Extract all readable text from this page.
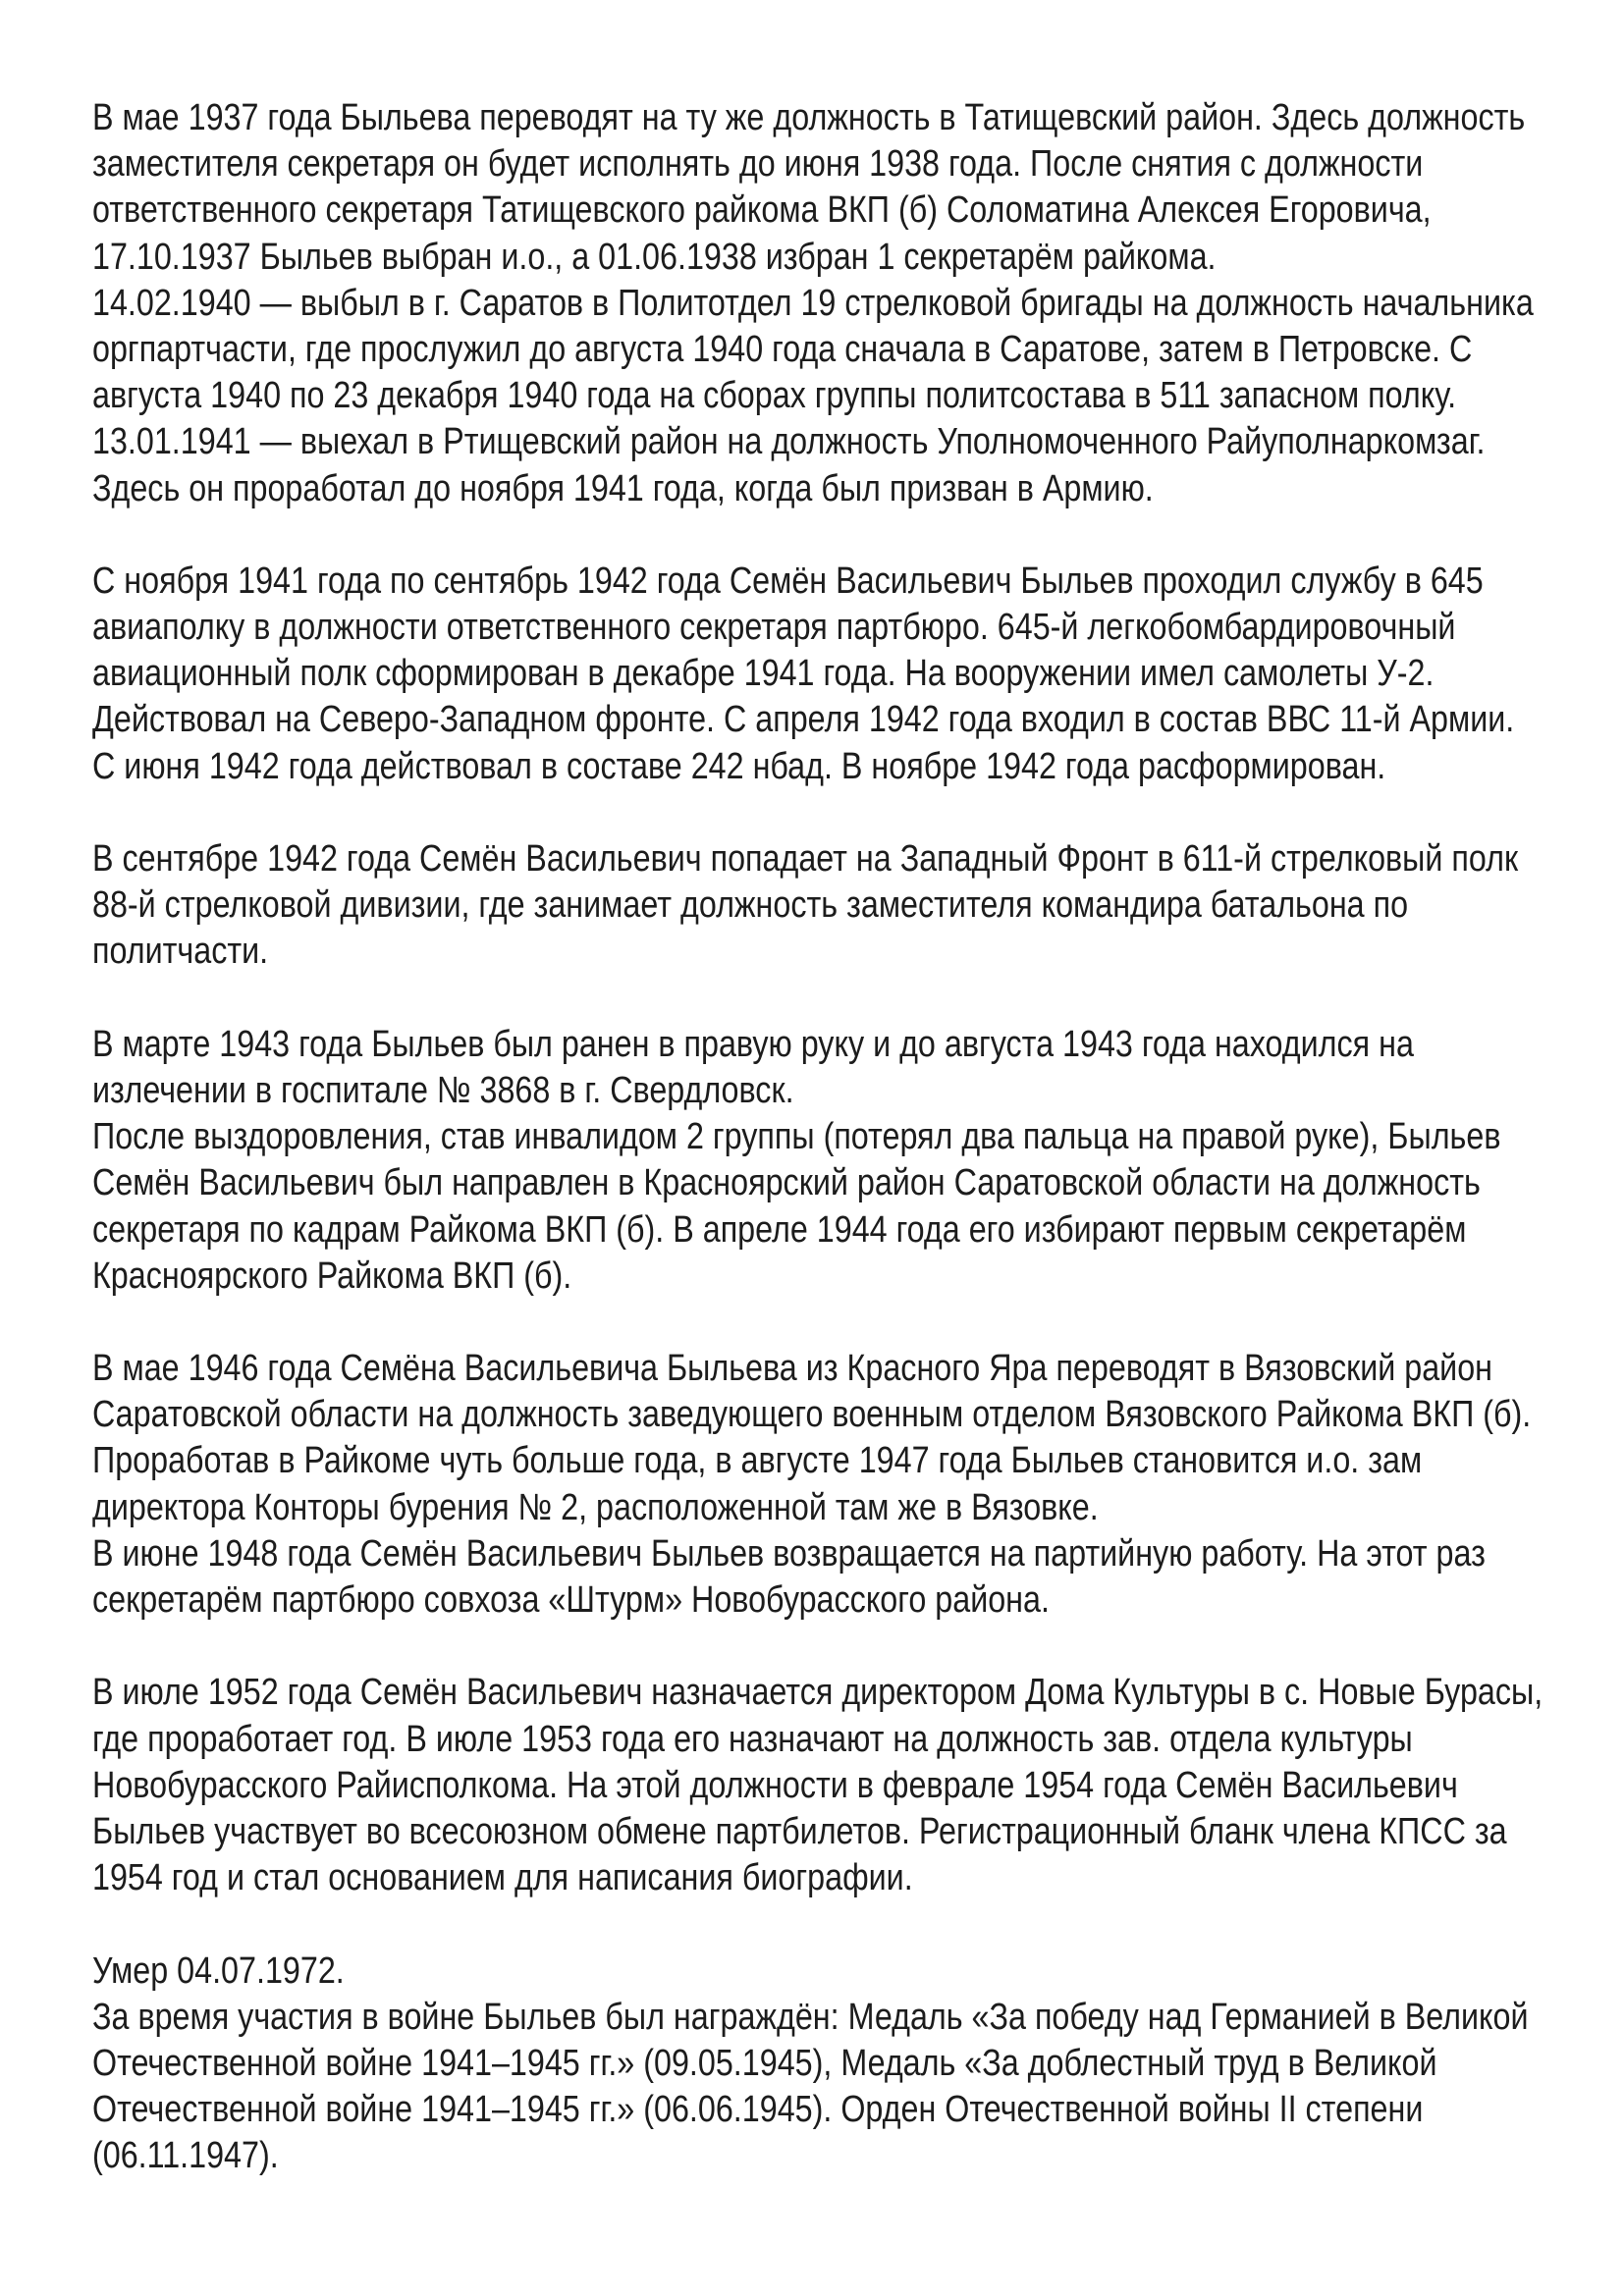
В мае 1937 года Быльева переводят на ту же должность в Татищевский район. Здесь должность
заместителя секретаря он будет исполнять до июня 1938 года. После снятия с должности
ответственного секретаря Татищевского райкома ВКП (б) Соломатина Алексея Егоровича,
17.10.1937 Быльев выбран и.о., а 01.06.1938 избран 1 секретарём райкома.
14.02.1940 — выбыл в г. Саратов в Политотдел 19 стрелковой бригады на должность начальника
оргпартчасти, где прослужил до августа 1940 года сначала в Саратове, затем в Петровске. С
августа 1940 по 23 декабря 1940 года на сборах группы политсостава в 511 запасном полку.
13.01.1941 — выехал в Ртищевский район на должность Уполномоченного Райуполнаркомзаг.
Здесь он проработал до ноября 1941 года, когда был призван в Армию.
С ноября 1941 года по сентябрь 1942 года Семён Васильевич Быльев проходил службу в 645
авиаполку в должности ответственного секретаря партбюро. 645-й легкобомбардировочный
авиационный полк сформирован в декабре 1941 года. На вооружении имел самолеты У-2.
Действовал на Северо-Западном фронте. С апреля 1942 года входил в состав ВВС 11-й Армии.
С июня 1942 года действовал в составе 242 нбад. В ноябре 1942 года расформирован.
В сентябре 1942 года Семён Васильевич попадает на Западный Фронт в 611-й стрелковый полк
88-й стрелковой дивизии, где занимает должность заместителя командира батальона по
политчасти.
В марте 1943 года Быльев был ранен в правую руку и до августа 1943 года находился на
излечении в госпитале № 3868 в г. Свердловск.
После выздоровления, став инвалидом 2 группы (потерял два пальца на правой руке), Быльев
Семён Васильевич был направлен в Красноярский район Саратовской области на должность
секретаря по кадрам Райкома ВКП (б). В апреле 1944 года его избирают первым секретарём
Красноярского Райкома ВКП (б).
В мае 1946 года Семёна Васильевича Быльева из Красного Яра переводят в Вязовский район
Саратовской области на должность заведующего военным отделом Вязовского Райкома ВКП (б).
Проработав в Райкоме чуть больше года, в августе 1947 года Быльев становится и.о. зам
директора Конторы бурения № 2, расположенной там же в Вязовке.
В июне 1948 года Семён Васильевич Быльев возвращается на партийную работу. На этот раз
секретарём партбюро совхоза «Штурм» Новобурасского района.
В июле 1952 года Семён Васильевич назначается директором Дома Культуры в с. Новые Бурасы,
где проработает год. В июле 1953 года его назначают на должность зав. отдела культуры
Новобурасского Райисполкома. На этой должности в феврале 1954 года Семён Васильевич
Быльев участвует во всесоюзном обмене партбилетов. Регистрационный бланк члена КПСС за
1954 год и стал основанием для написания биографии.
Умер 04.07.1972.
За время участия в войне Быльев был награждён: Медаль «За победу над Германией в Великой
Отечественной войне 1941–1945 гг.» (09.05.1945), Медаль «За доблестный труд в Великой
Отечественной войне 1941–1945 гг.» (06.06.1945). Орден Отечественной войны II степени
(06.11.1947).
